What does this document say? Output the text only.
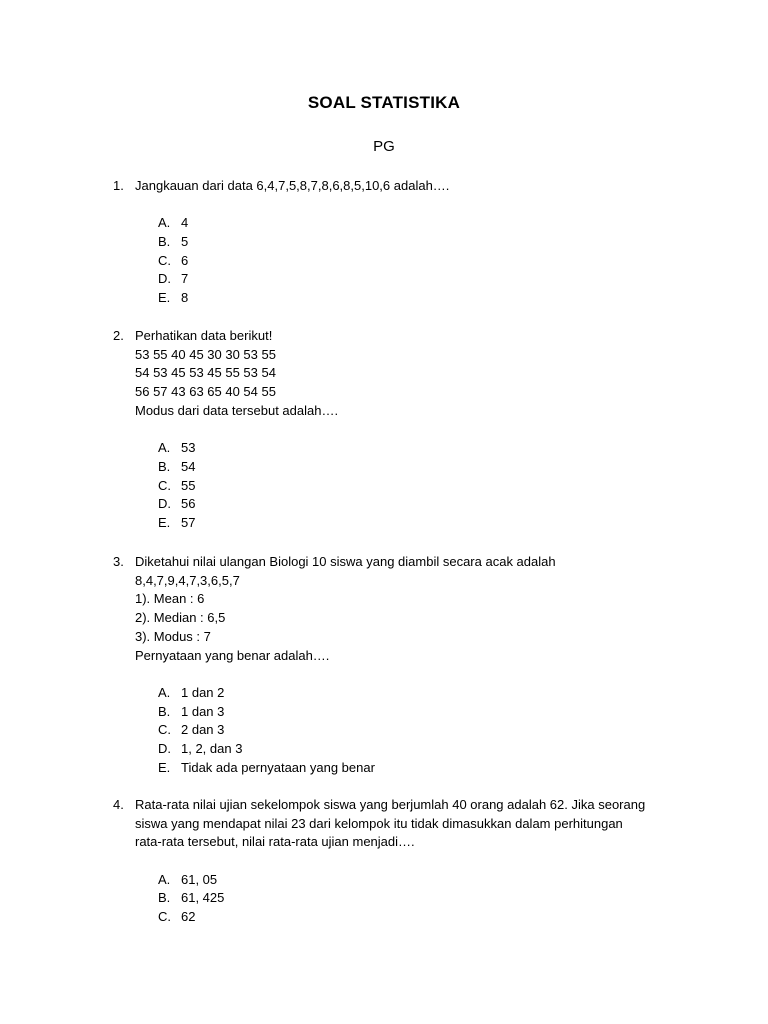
SOAL STATISTIKA
PG
1. Jangkauan dari data 6,4,7,5,8,7,8,6,8,5,10,6 adalah….
A. 4
B. 5
C. 6
D. 7
E. 8
2. Perhatikan data berikut!
53 55 40 45 30 30 53 55
54 53 45 53 45 55 53 54
56 57 43 63 65 40 54 55
Modus dari data tersebut adalah….
A. 53
B. 54
C. 55
D. 56
E. 57
3. Diketahui nilai ulangan Biologi 10 siswa yang diambil secara acak adalah
8,4,7,9,4,7,3,6,5,7
1). Mean : 6
2). Median : 6,5
3). Modus : 7
Pernyataan yang benar adalah….
A. 1 dan 2
B. 1 dan 3
C. 2 dan 3
D. 1, 2, dan 3
E. Tidak ada pernyataan yang benar
4. Rata-rata nilai ujian sekelompok siswa yang berjumlah 40 orang adalah 62. Jika seorang
siswa yang mendapat nilai 23 dari kelompok itu tidak dimasukkan dalam perhitungan
rata-rata tersebut, nilai rata-rata ujian menjadi….
A. 61, 05
B. 61, 425
C. 62
